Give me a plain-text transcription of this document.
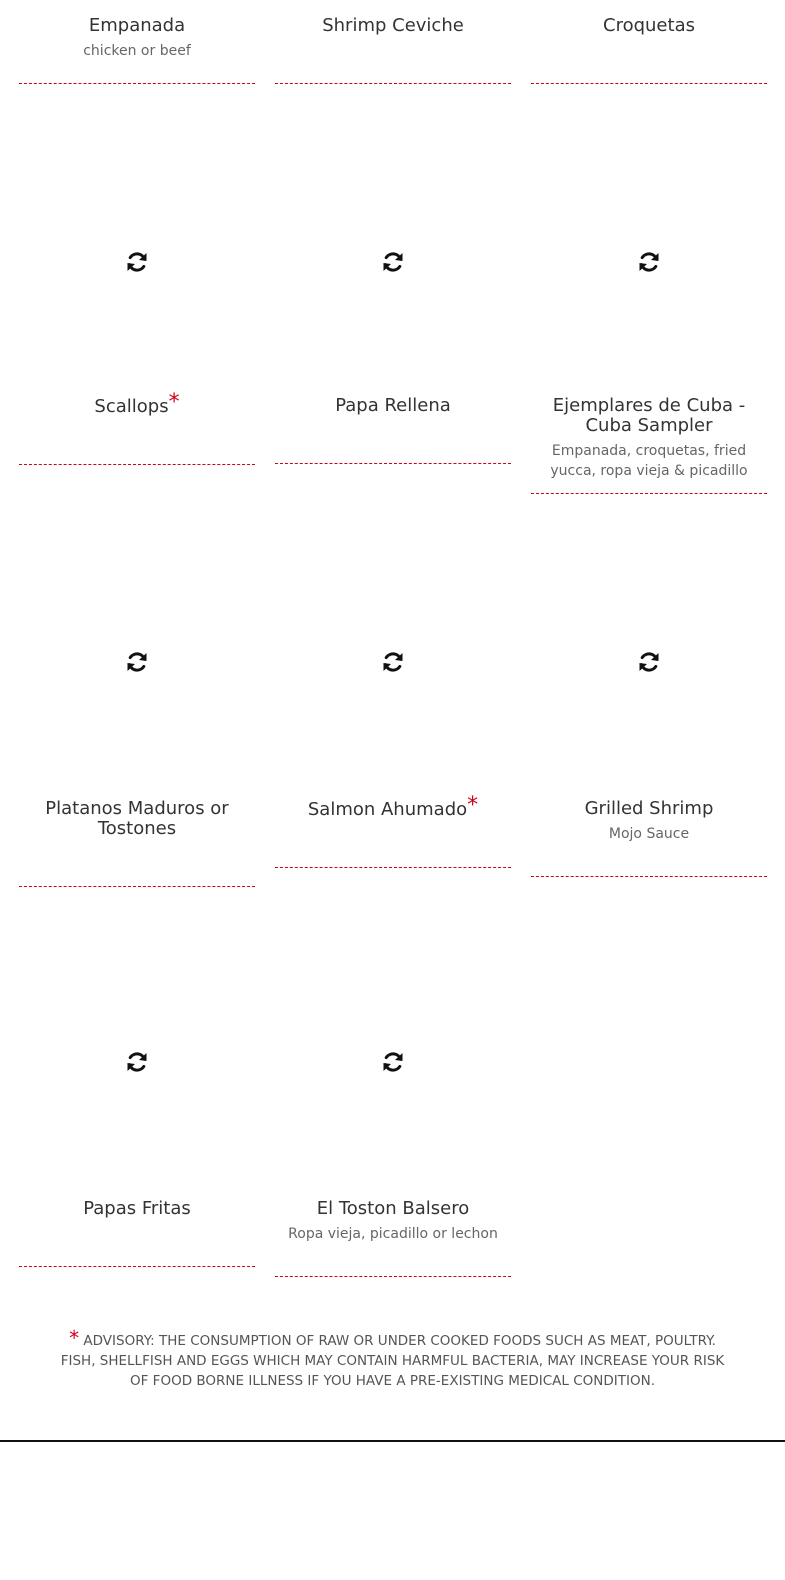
Empanada
chicken or beef
Shrimp Ceviche	Croquetas
Scallops*	Papa Rellena	Ejemplares de Cuba - Cuba Sampler
Empanada, croquetas, fried yucca, ropa vieja & picadillo
Platanos Maduros or Tostones
Salmon Ahumado*	Grilled Shrimp
Mojo Sauce
Papas Fritas	El Toston Balsero
Ropa vieja, picadillo or lechon
* ADVISORY: THE CONSUMPTION OF RAW OR UNDER COOKED FOODS SUCH AS MEAT, POULTRY. FISH, SHELLFISH AND EGGS WHICH MAY CONTAIN HARMFUL BACTERIA, MAY INCREASE YOUR RISK OF FOOD BORNE ILLNESS IF YOU HAVE A PRE-EXISTING MEDICAL CONDITION.
